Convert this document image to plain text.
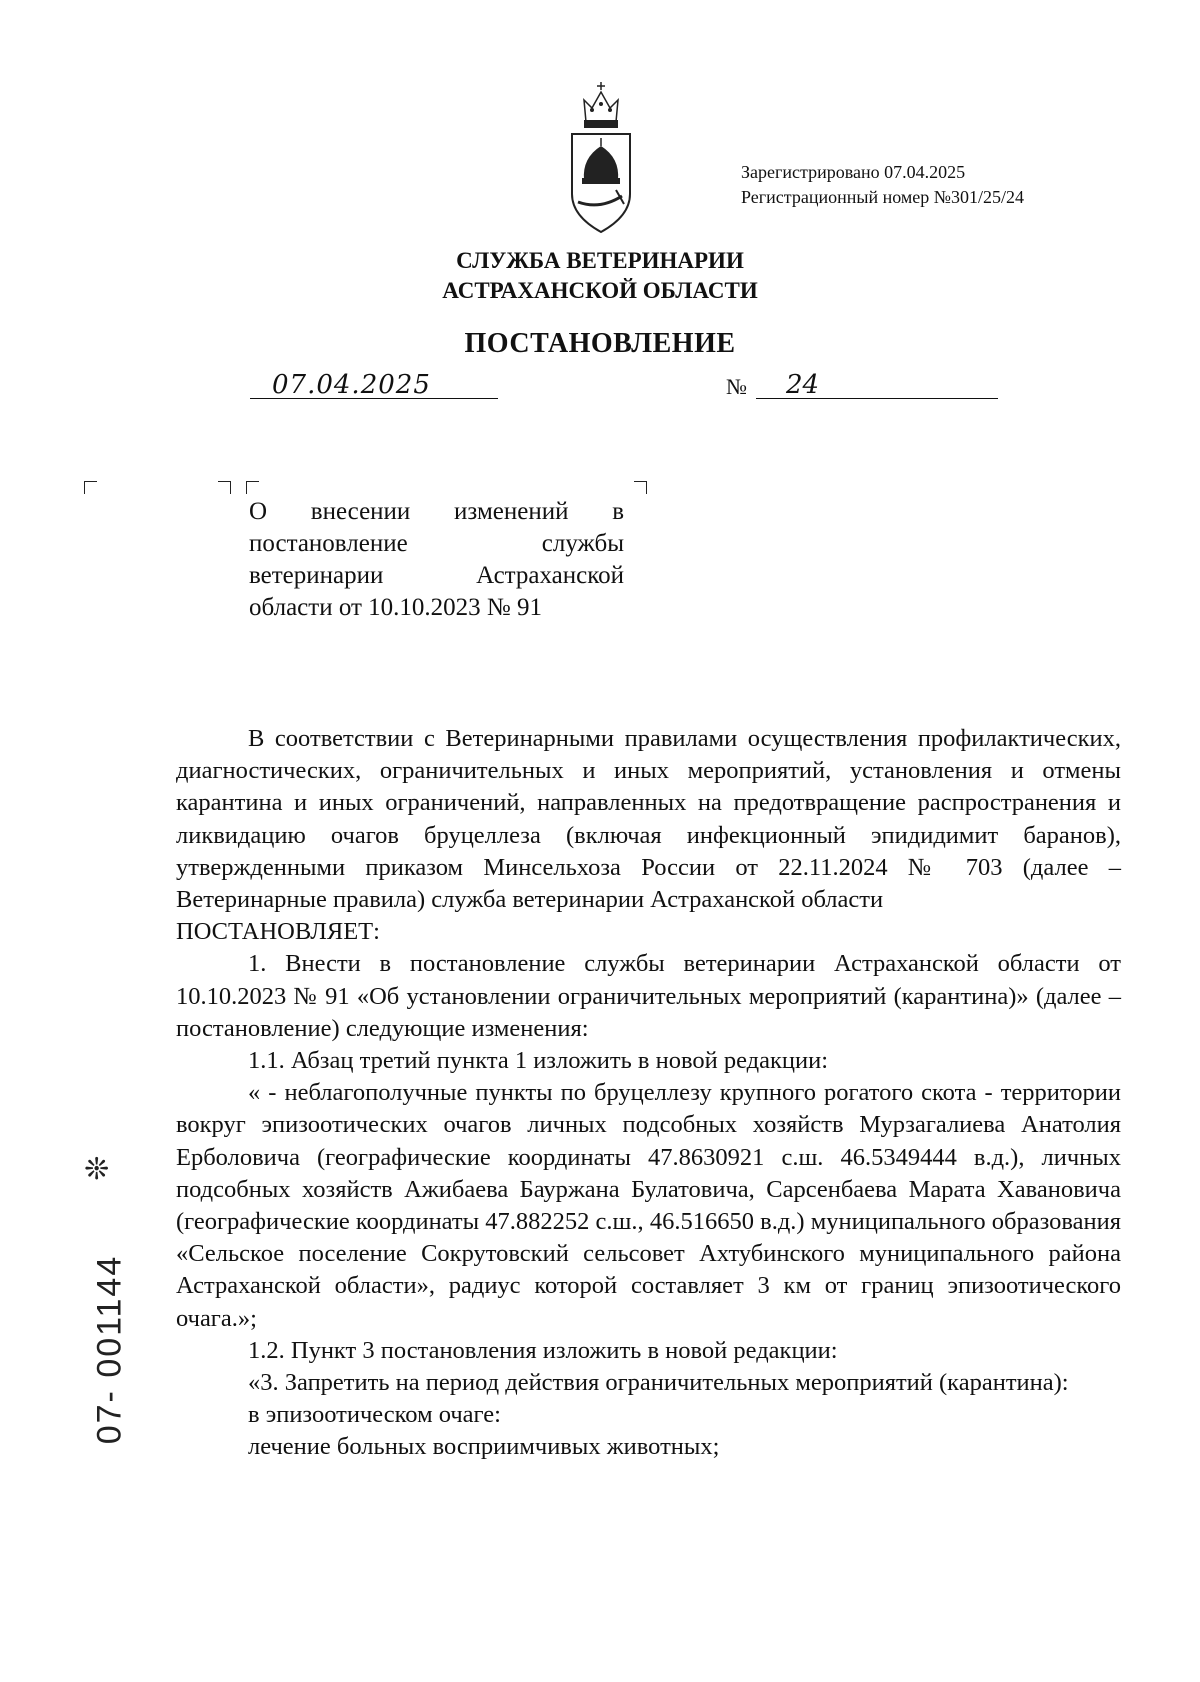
Зарегистрировано 07.04.2025
Регистрационный номер №301/25/24
СЛУЖБА ВЕТЕРИНАРИИ
АСТРАХАНСКОЙ ОБЛАСТИ
ПОСТАНОВЛЕНИЕ
07.04.2025	№ 24
О внесении изменений в
постановление службы
ветеринарии Астраханской
области от 10.10.2023 № 91

В соответствии с Ветеринарными правилами осуществления профилактических, диагностических, ограничительных и иных мероприятий, установления и отмены карантина и иных ограничений, направленных на предотвращение распространения и ликвидацию очагов бруцеллеза (включая инфекционный эпидидимит баранов), утвержденными приказом Минсельхоза России от 22.11.2024 № 703 (далее – Ветеринарные правила) служба ветеринарии Астраханской области

ПОСТАНОВЛЯЕТ:

1. Внести в постановление службы ветеринарии Астраханской области от 10.10.2023 № 91 «Об установлении ограничительных мероприятий (карантина)» (далее – постановление) следующие изменения:

1.1. Абзац третий пункта 1 изложить в новой редакции:

« - неблагополучные пункты по бруцеллезу крупного рогатого скота - территории вокруг эпизоотических очагов личных подсобных хозяйств Мурзагалиева Анатолия Ерболовича (географические координаты 47.8630921 с.ш. 46.5349444 в.д.), личных подсобных хозяйств Ажибаева Бауржана Булатовича, Сарсенбаева Марата Хавановича (географические координаты 47.882252 с.ш., 46.516650 в.д.) муниципального образования «Сельское поселение Сокрутовский сельсовет Ахтубинского муниципального района Астраханской области», радиус которой составляет 3 км от границ эпизоотического очага.»;

1.2. Пункт 3 постановления изложить в новой редакции:

«3. Запретить на период действия ограничительных мероприятий (карантина):

в эпизоотическом очаге:

лечение больных восприимчивых животных;

❊
07- 001144
